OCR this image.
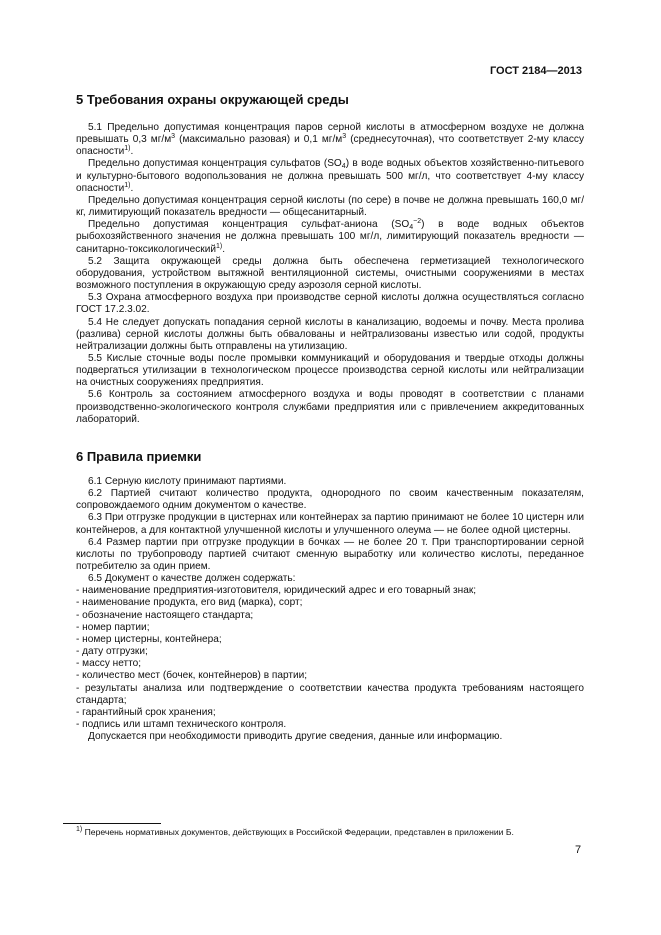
ГОСТ 2184—2013
5 Требования охраны окружающей среды

5.1 Предельно допустимая концентрация паров серной кислоты в атмосферном воздухе не должна превышать 0,3 $мг/м^3$ (максимально разовая) и 0,1 $мг/м^3$ (среднесуточная), что соответствует 2-му классу опасности$^{1)}$.

Предельно допустимая концентрация сульфатов $(SO_4)$ в воде водных объектов хозяйственно-питьевого и культурно-бытового водопользования не должна превышать 500 мг/л, что соответствует 4-му классу опасности$^{1)}$.

Предельно допустимая концентрация серной кислоты (по сере) в почве не должна превышать 160,0 мг/кг, лимитирующий показатель вредности — общесанитарный.

Предельно допустимая концентрация сульфат-аниона $(SO_4^{-2})$ в воде водных объектов рыбохозяйственного значения не должна превышать 100 мг/л, лимитирующий показатель вредности — санитарно-токсикологический$^{1)}$.

5.2 Защита окружающей среды должна быть обеспечена герметизацией технологического оборудования, устройством вытяжной вентиляционной системы, очистными сооружениями в местах возможного поступления в окружающую среду аэрозоля серной кислоты.

5.3 Охрана атмосферного воздуха при производстве серной кислоты должна осуществляться согласно ГОСТ 17.2.3.02.

5.4 Не следует допускать попадания серной кислоты в канализацию, водоемы и почву. Места пролива (разлива) серной кислоты должны быть обвалованы и нейтрализованы известью или содой, продукты нейтрализации должны быть отправлены на утилизацию.

5.5 Кислые сточные воды после промывки коммуникаций и оборудования и твердые отходы должны подвергаться утилизации в технологическом процессе производства серной кислоты или нейтрализации на очистных сооружениях предприятия.

5.6 Контроль за состоянием атмосферного воздуха и воды проводят в соответствии с планами производственно-экологического контроля службами предприятия или с привлечением аккредитованных лабораторий.

6 Правила приемки

6.1 Серную кислоту принимают партиями.

6.2 Партией считают количество продукта, однородного по своим качественным показателям, сопровождаемого одним документом о качестве.

6.3 При отгрузке продукции в цистернах или контейнерах за партию принимают не более 10 цистерн или контейнеров, а для контактной улучшенной кислоты и улучшенного олеума — не более одной цистерны.

6.4 Размер партии при отгрузке продукции в бочках — не более 20 т. При транспортировании серной кислоты по трубопроводу партией считают сменную выработку или количество кислоты, переданное потребителю за один прием.

6.5 Документ о качестве должен содержать:

- наименование предприятия-изготовителя, юридический адрес и его товарный знак;

- наименование продукта, его вид (марка), сорт;

- обозначение настоящего стандарта;

- номер партии;

- номер цистерны, контейнера;

- дату отгрузки;

- массу нетто;

- количество мест (бочек, контейнеров) в партии;

- результаты анализа или подтверждение о соответствии качества продукта требованиям настоящего стандарта;

- гарантийный срок хранения;

- подпись или штамп технического контроля.

Допускается при необходимости приводить другие сведения, данные или информацию.

$^{1)}$ Перечень нормативных документов, действующих в Российской Федерации, представлен в приложении Б.
7
